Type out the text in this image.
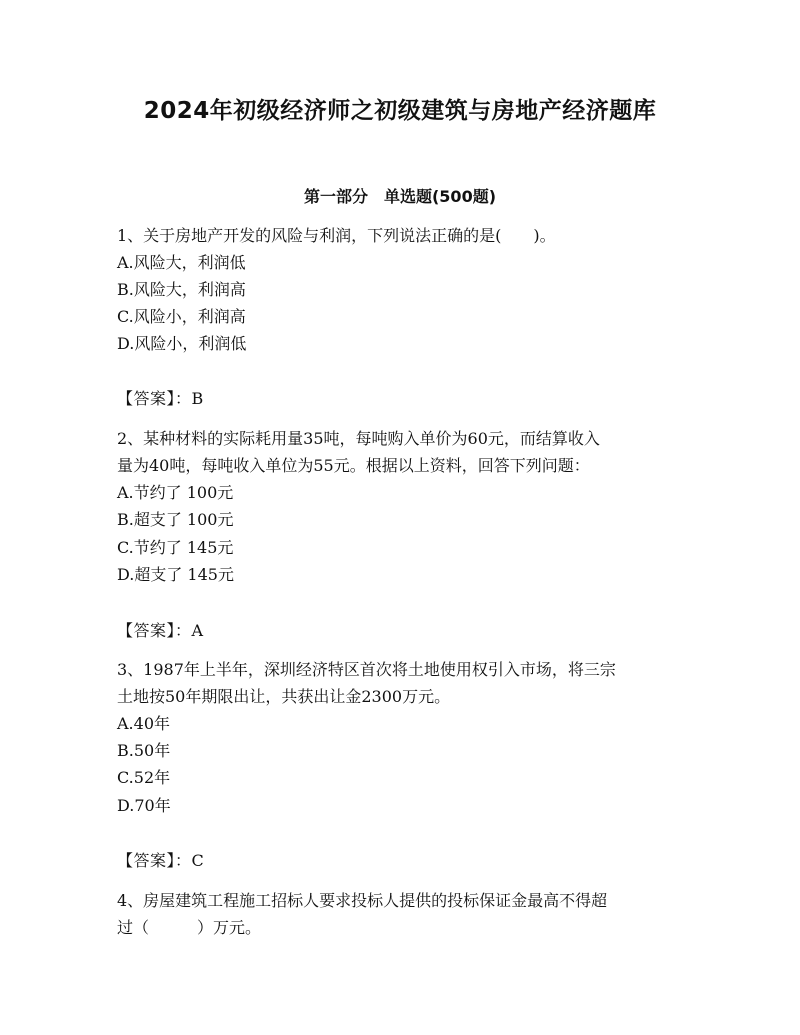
2024年初级经济师之初级建筑与房地产经济题库
第一部分　单选题(500题)
1、关于房地产开发的风险与利润，下列说法正确的是(　　)。
A.风险大，利润低
B.风险大，利润高
C.风险小，利润高
D.风险小，利润低
【答案】：B
2、某种材料的实际耗用量35吨，每吨购入单价为60元，而结算收入
量为40吨，每吨收入单位为55元。根据以上资料，回答下列问题：
A.节约了 100元
B.超支了 100元
C.节约了 145元
D.超支了 145元
【答案】：A
3、1987年上半年，深圳经济特区首次将土地使用权引入市场，将三宗
土地按50年期限出让，共获出让金2300万元。
A.40年
B.50年
C.52年
D.70年
【答案】：C
4、房屋建筑工程施工招标人要求投标人提供的投标保证金最高不得超
过（　　　）万元。
